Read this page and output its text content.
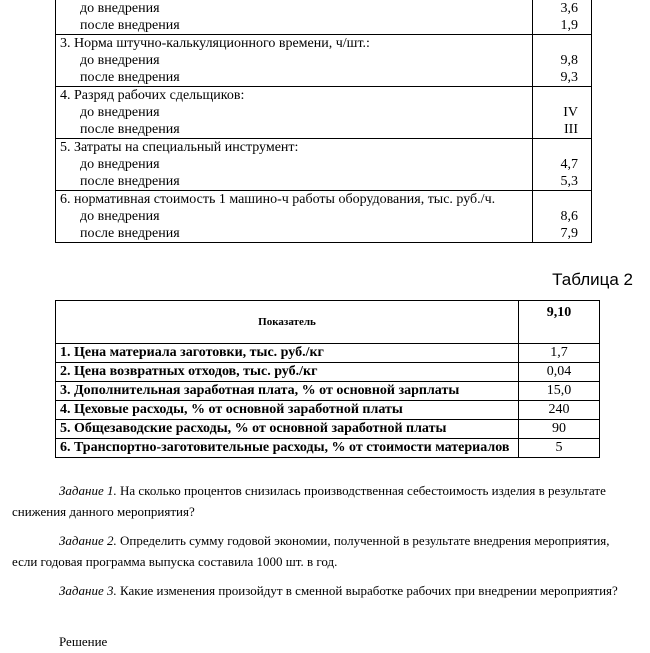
до внедрения	3,6
после внедрения	1,9
3. Норма штучно-калькуляционного времени, ч/шт.:	
до внедрения	9,8
после внедрения	9,3
4. Разряд рабочих сдельщиков:	
до внедрения	IV
после внедрения	III
5. Затраты на специальный инструмент:	
до внедрения	4,7
после внедрения	5,3
6. нормативная стоимость 1 машино-ч работы оборудования, тыс. руб./ч.	
до внедрения	8,6
после внедрения	7,9
Таблица 2
Показатель	9,10
1. Цена материала заготовки, тыс. руб./кг	1,7
2. Цена возвратных отходов, тыс. руб./кг	0,04
3. Дополнительная заработная плата, % от основной зарплаты	15,0
4. Цеховые расходы, % от основной заработной платы	240
5. Общезаводские расходы, % от основной заработной платы	90
6. Транспортно-заготовительные расходы, % от стоимости материалов	5

Задание 1. На сколько процентов снизилась производственная себестоимость изделия в результате снижения данного мероприятия?

Задание 2. Определить сумму годовой экономии, полученной в результате внедрения мероприятия, если годовая программа выпуска составила 1000 шт. в год.

Задание 3. Какие изменения произойдут в сменной выработке рабочих при внедрении мероприятия?

Решение
